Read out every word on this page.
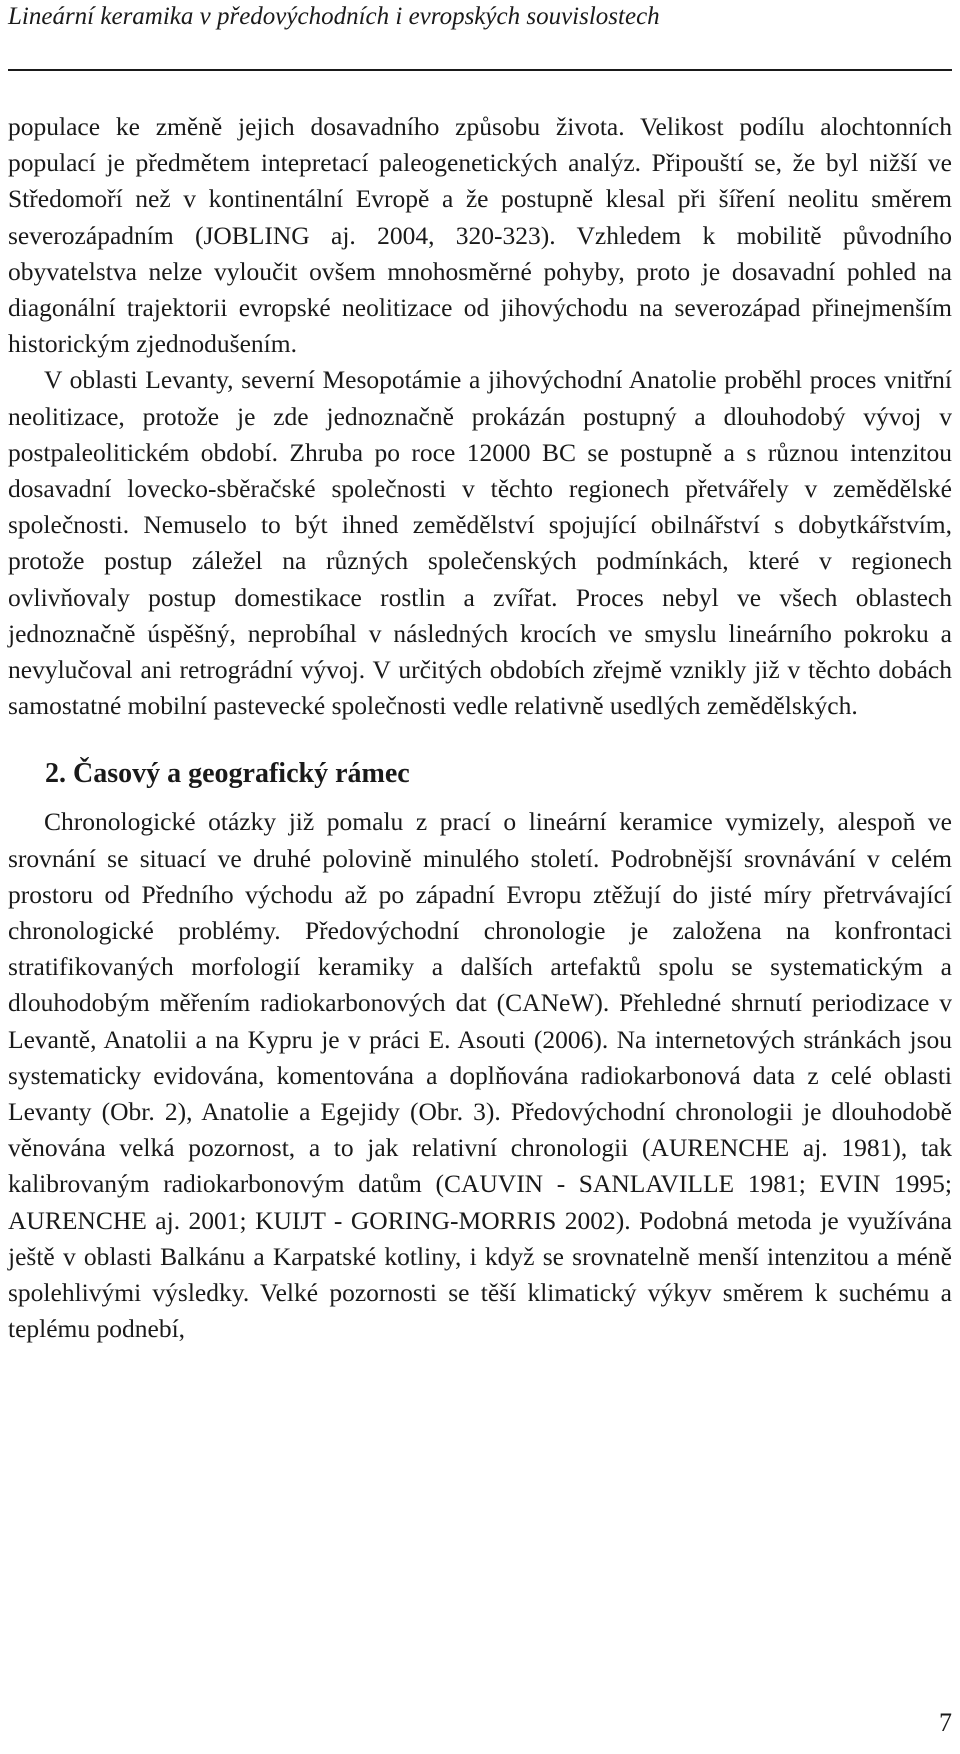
Lineární keramika v předovýchodních i evropských souvislostech

populace ke změně jejich dosavadního způsobu života. Velikost podílu alochtonních populací je předmětem intepretací paleogenetických analýz. Připouští se, že byl nižší ve Středomoří než v kontinentální Evropě a že postupně klesal při šíření neolitu směrem severozápadním (JOBLING aj. 2004, 320-323). Vzhledem k mobilitě původního obyvatelstva nelze vyloučit ovšem mnohosměrné pohyby, proto je dosavadní pohled na diagonální trajektorii evropské neolitizace od jihovýchodu na severozápad přinejmenším historickým zjednodušením.

V oblasti Levanty, severní Mesopotámie a jihovýchodní Anatolie proběhl proces vnitřní neolitizace, protože je zde jednoznačně prokázán postupný a dlouhodobý vývoj v postpaleolitickém období. Zhruba po roce 12000 BC se postupně a s různou intenzitou dosavadní lovecko-sběračské společnosti v těchto regionech přetvářely v zemědělské společnosti. Nemuselo to být ihned zemědělství spojující obilnářství s dobytkářstvím, protože postup záležel na různých společenských podmínkách, které v regionech ovlivňovaly postup domestikace rostlin a zvířat. Proces nebyl ve všech oblastech jednoznačně úspěšný, neprobíhal v následných krocích ve smyslu lineárního pokroku a nevylučoval ani retrográdní vývoj. V určitých obdobích zřejmě vznikly již v těchto dobách samostatné mobilní pastevecké společnosti vedle relativně usedlých zemědělských.

2. Časový a geografický rámec

Chronologické otázky již pomalu z prací o lineární keramice vymizely, alespoň ve srovnání se situací ve druhé polovině minulého století. Podrobnější srovnávání v celém prostoru od Předního východu až po západní Evropu ztěžují do jisté míry přetrvávající chronologické problémy. Předovýchodní chronologie je založena na konfrontaci stratifikovaných morfologií keramiky a dalších artefaktů spolu se systematickým a dlouhodobým měřením radiokarbonových dat (CANeW). Přehledné shrnutí periodizace v Levantě, Anatolii a na Kypru je v práci E. Asouti (2006). Na internetových stránkách jsou systematicky evidována, komentována a doplňována radiokarbonová data z celé oblasti Levanty (Obr. 2), Anatolie a Egejidy (Obr. 3). Předovýchodní chronologii je dlouhodobě věnována velká pozornost, a to jak relativní chronologii (AURENCHE aj. 1981), tak kalibrovaným radiokarbonovým datům (CAUVIN - SANLAVILLE 1981; EVIN 1995; AURENCHE aj. 2001; KUIJT - GORING-MORRIS 2002). Podobná metoda je využívána ještě v oblasti Balkánu a Karpatské kotliny, i když se srovnatelně menší intenzitou a méně spolehlivými výsledky. Velké pozornosti se těší klimatický výkyv směrem k suchému a teplému podnebí,

7
